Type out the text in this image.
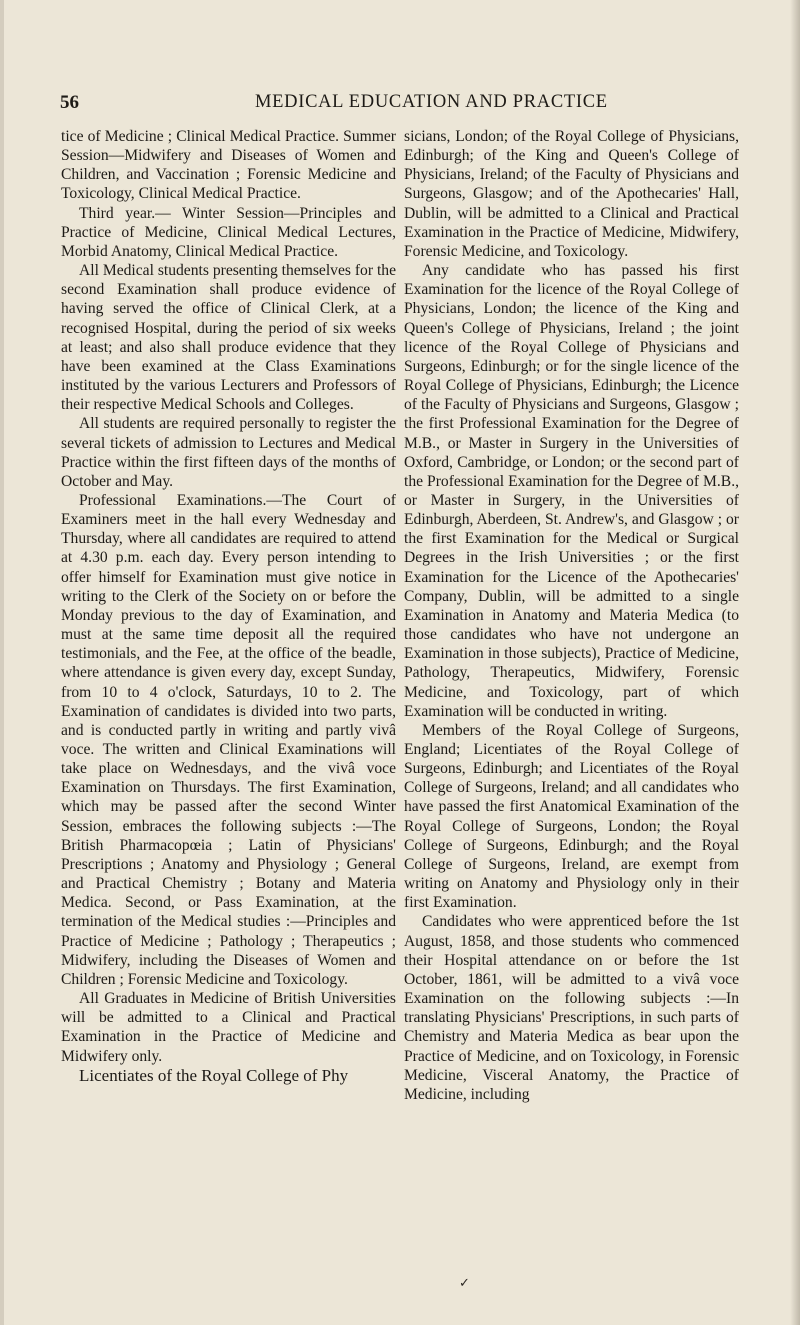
56	MEDICAL EDUCATION AND PRACTICE

tice of Medicine ; Clinical Medical Practice. Summer Session—Midwifery and Diseases of Women and Children, and Vaccination ; Forensic Medicine and Toxicology, Clinical Medical Practice.

Third year.— Winter Session—Principles and Practice of Medicine, Clinical Medical Lectures, Morbid Anatomy, Clinical Medical Practice.

All Medical students presenting themselves for the second Examination shall produce evidence of having served the office of Clinical Clerk, at a recognised Hospital, during the period of six weeks at least; and also shall produce evidence that they have been examined at the Class Examinations instituted by the various Lecturers and Professors of their respective Medical Schools and Colleges.

All students are required personally to register the several tickets of admission to Lectures and Medical Practice within the first fifteen days of the months of October and May.

Professional Examinations.—The Court of Examiners meet in the hall every Wednesday and Thursday, where all candidates are required to attend at 4.30 p.m. each day. Every person intending to offer himself for Examination must give notice in writing to the Clerk of the Society on or before the Monday previous to the day of Examination, and must at the same time deposit all the required testimonials, and the Fee, at the office of the beadle, where attendance is given every day, except Sunday, from 10 to 4 o'clock, Saturdays, 10 to 2. The Examination of candidates is divided into two parts, and is conducted partly in writing and partly vivâ voce. The written and Clinical Examinations will take place on Wednesdays, and the vivâ voce Examination on Thursdays. The first Examination, which may be passed after the second Winter Session, embraces the following subjects :—The British Pharmacopœia ; Latin of Physicians' Prescriptions ; Anatomy and Physiology ; General and Practical Chemistry ; Botany and Materia Medica. Second, or Pass Examination, at the termination of the Medical studies :—Principles and Practice of Medicine ; Pathology ; Therapeutics ; Midwifery, including the Diseases of Women and Children ; Forensic Medicine and Toxicology.

All Graduates in Medicine of British Universities will be admitted to a Clinical and Practical Examination in the Practice of Medicine and Midwifery only.

Licentiates of the Royal College of Phy

sicians, London; of the Royal College of Physicians, Edinburgh; of the King and Queen's College of Physicians, Ireland; of the Faculty of Physicians and Surgeons, Glasgow; and of the Apothecaries' Hall, Dublin, will be admitted to a Clinical and Practical Examination in the Practice of Medicine, Midwifery, Forensic Medicine, and Toxicology.

Any candidate who has passed his first Examination for the licence of the Royal College of Physicians, London; the licence of the King and Queen's College of Physicians, Ireland ; the joint licence of the Royal College of Physicians and Surgeons, Edinburgh; or for the single licence of the Royal College of Physicians, Edinburgh; the Licence of the Faculty of Physicians and Surgeons, Glasgow ; the first Professional Examination for the Degree of M.B., or Master in Surgery in the Universities of Oxford, Cambridge, or London; or the second part of the Professional Examination for the Degree of M.B., or Master in Surgery, in the Universities of Edinburgh, Aberdeen, St. Andrew's, and Glasgow ; or the first Examination for the Medical or Surgical Degrees in the Irish Universities ; or the first Examination for the Licence of the Apothecaries' Company, Dublin, will be admitted to a single Examination in Anatomy and Materia Medica (to those candidates who have not undergone an Examination in those subjects), Practice of Medicine, Pathology, Therapeutics, Midwifery, Forensic Medicine, and Toxicology, part of which Examination will be conducted in writing.

Members of the Royal College of Surgeons, England; Licentiates of the Royal College of Surgeons, Edinburgh; and Licentiates of the Royal College of Surgeons, Ireland; and all candidates who have passed the first Anatomical Examination of the Royal College of Surgeons, London; the Royal College of Surgeons, Edinburgh; and the Royal College of Surgeons, Ireland, are exempt from writing on Anatomy and Physiology only in their first Examination.

Candidates who were apprenticed before the 1st August, 1858, and those students who commenced their Hospital attendance on or before the 1st October, 1861, will be admitted to a vivâ voce Examination on the following subjects :—In translating Physicians' Prescriptions, in such parts of Chemistry and Materia Medica as bear upon the Practice of Medicine, and on Toxicology, in Forensic Medicine, Visceral Anatomy, the Practice of Medicine, including

✓
